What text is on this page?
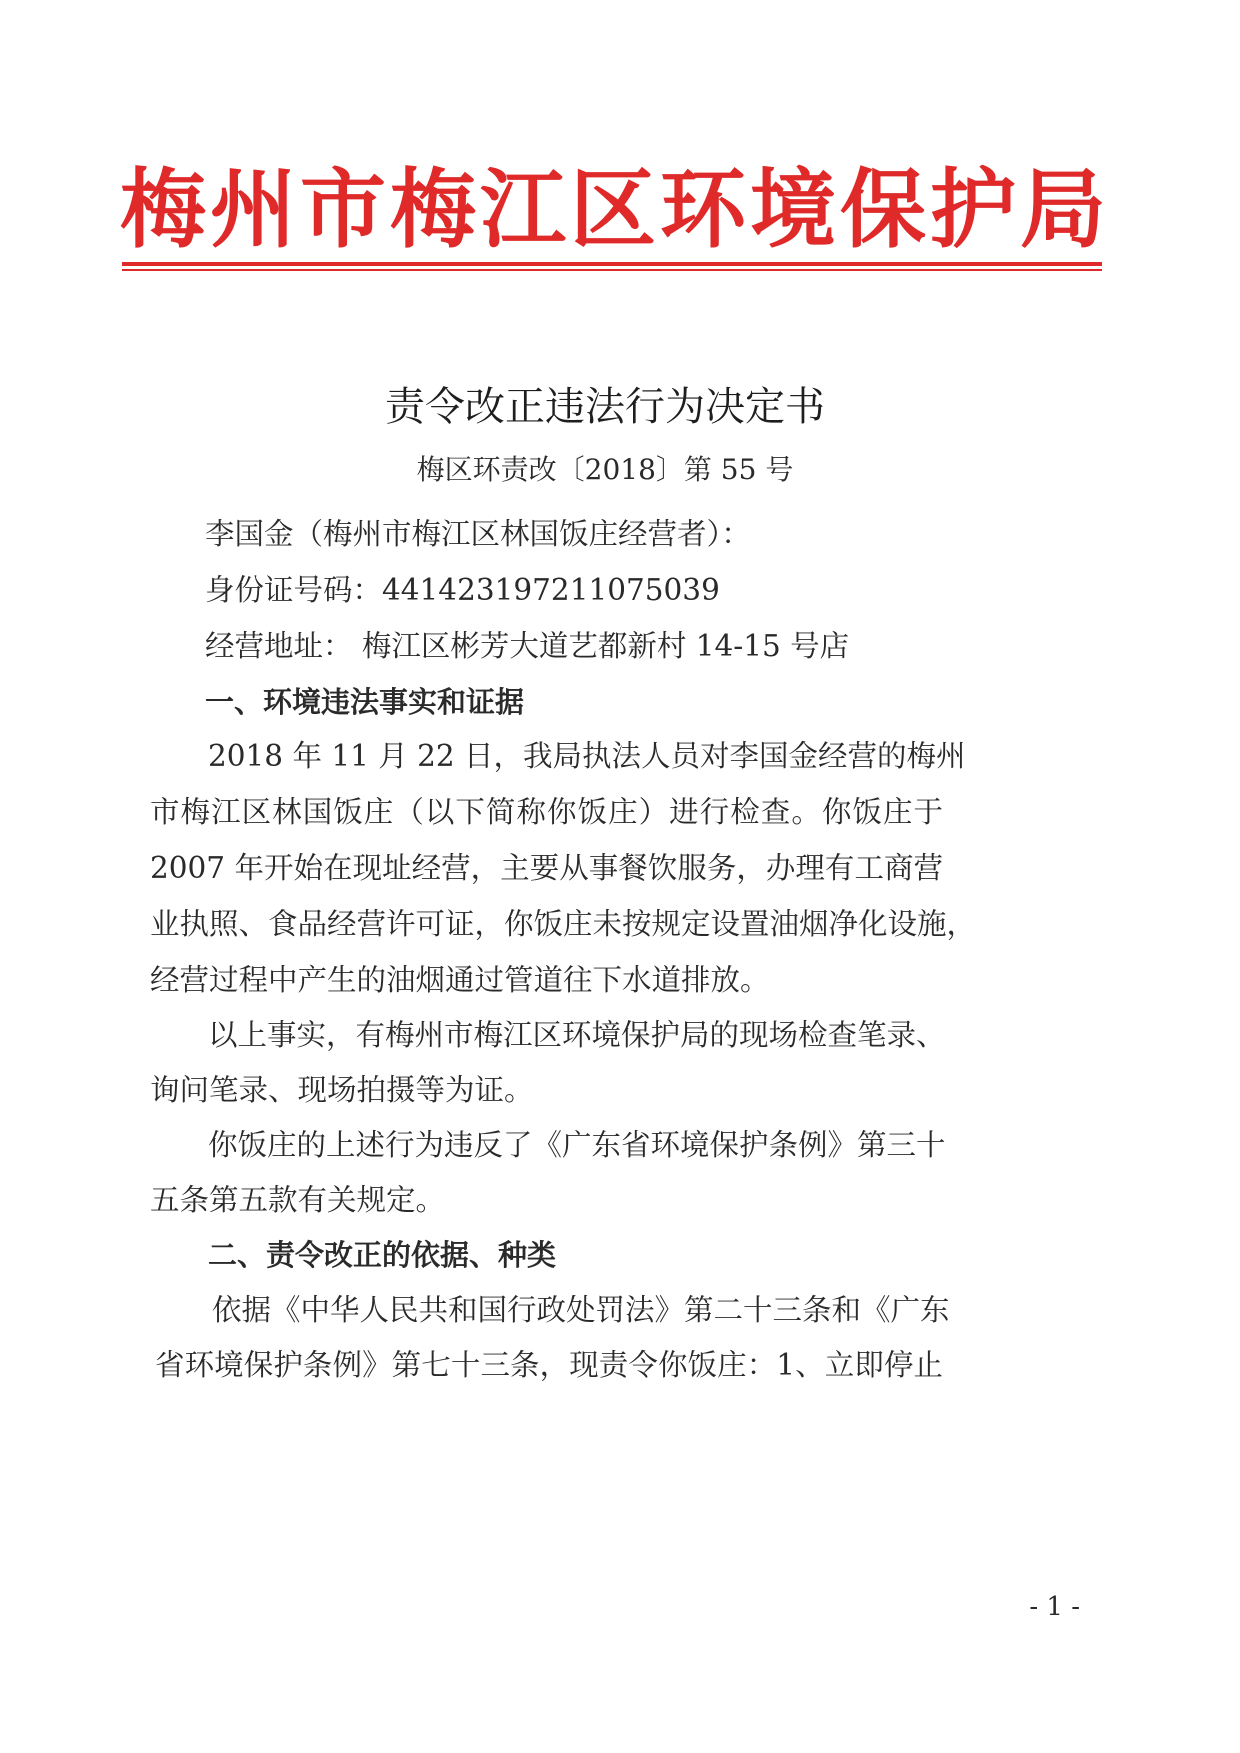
梅州市梅江区环境保护局
责令改正违法行为决定书
梅区环责改〔2018〕第 55 号
李国金（梅州市梅江区林国饭庄经营者）：
身份证号码：441423197211075039
经营地址： 梅江区彬芳大道艺都新村 14-15 号店
一、环境违法事实和证据
2018 年 11 月 22 日，我局执法人员对李国金经营的梅州
市梅江区林国饭庄（以下简称你饭庄）进行检查。你饭庄于
2007 年开始在现址经营，主要从事餐饮服务，办理有工商营
业执照、食品经营许可证，你饭庄未按规定设置油烟净化设施，
经营过程中产生的油烟通过管道往下水道排放。
以上事实，有梅州市梅江区环境保护局的现场检查笔录、
询问笔录、现场拍摄等为证。
你饭庄的上述行为违反了《广东省环境保护条例》第三十
五条第五款有关规定。
二、责令改正的依据、种类
依据《中华人民共和国行政处罚法》第二十三条和《广东
省环境保护条例》第七十三条，现责令你饭庄：1、立即停止
- 1 -
